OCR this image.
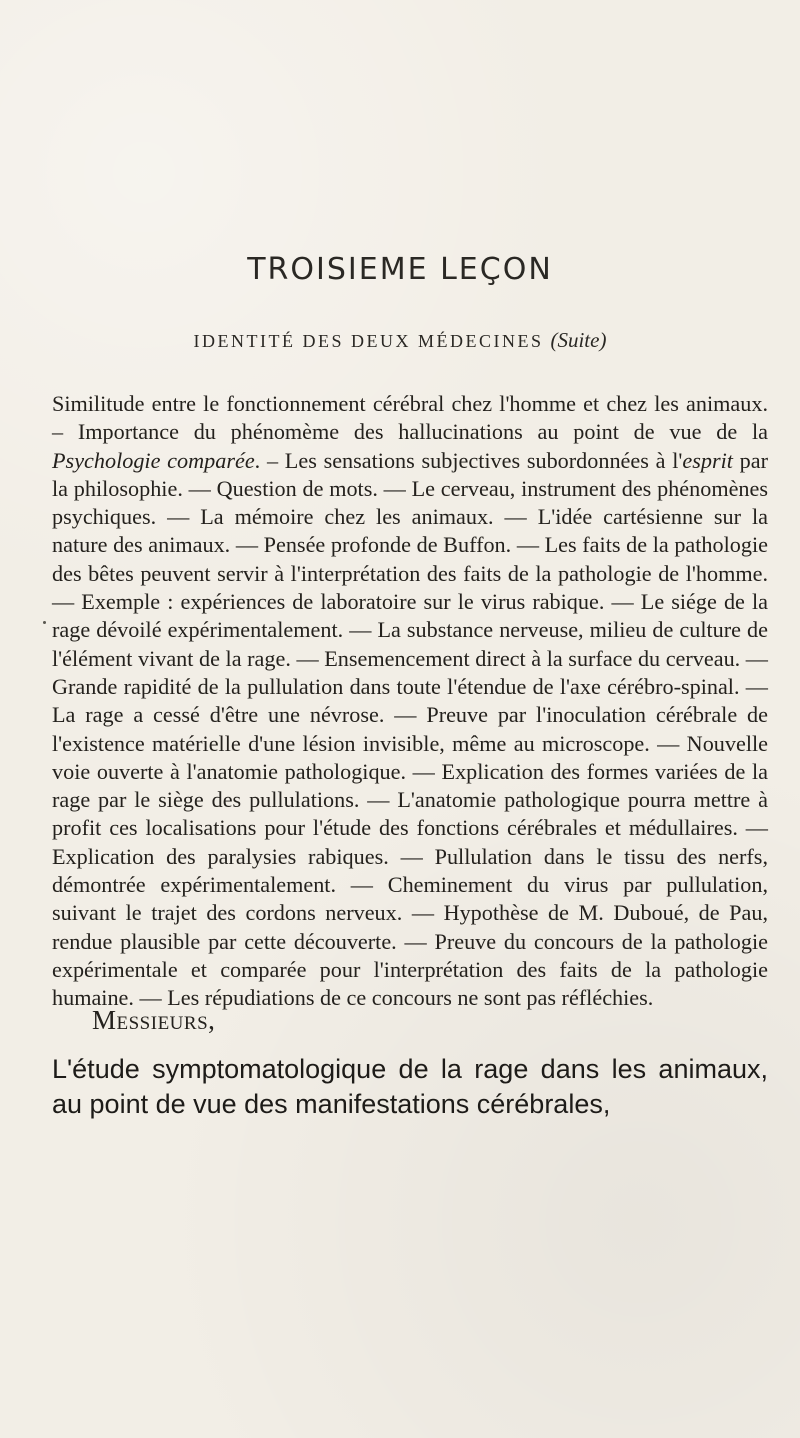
TROISIEME LEÇON
IDENTITÉ DES DEUX MÉDECINES (Suite)
Similitude entre le fonctionnement cérébral chez l'homme et chez les animaux. – Importance du phénomème des hallucinations au point de vue de la Psychologie comparée. – Les sensations subjectives subordonnées à l'esprit par la philosophie. — Question de mots. — Le cerveau, instrument des phénomènes psychiques. — La mémoire chez les animaux. — L'idée cartésienne sur la nature des animaux. — Pensée profonde de Buffon. — Les faits de la pathologie des bêtes peuvent servir à l'interprétation des faits de la pathologie de l'homme. — Exemple : expériences de laboratoire sur le virus rabique. — Le siége de la rage dévoilé expérimentalement. — La substance nerveuse, milieu de culture de l'élément vivant de la rage. — Ensemencement direct à la surface du cerveau. — Grande rapidité de la pullulation dans toute l'étendue de l'axe cérébro-spinal. — La rage a cessé d'être une névrose. — Preuve par l'inoculation cérébrale de l'existence matérielle d'une lésion invisible, même au microscope. — Nouvelle voie ouverte à l'anatomie pathologique. — Explication des formes variées de la rage par le siège des pullulations. — L'anatomie pathologique pourra mettre à profit ces localisations pour l'étude des fonctions cérébrales et médullaires. — Explication des paralysies rabiques. — Pullulation dans le tissu des nerfs, démontrée expérimentalement. — Cheminement du virus par pullulation, suivant le trajet des cordons nerveux. — Hypothèse de M. Duboué, de Pau, rendue plausible par cette découverte. — Preuve du concours de la pathologie expérimentale et comparée pour l'interprétation des faits de la pathologie humaine. — Les répudiations de ce concours ne sont pas réfléchies.
Messieurs,
L'étude symptomatologique de la rage dans les animaux, au point de vue des manifestations cérébrales,
